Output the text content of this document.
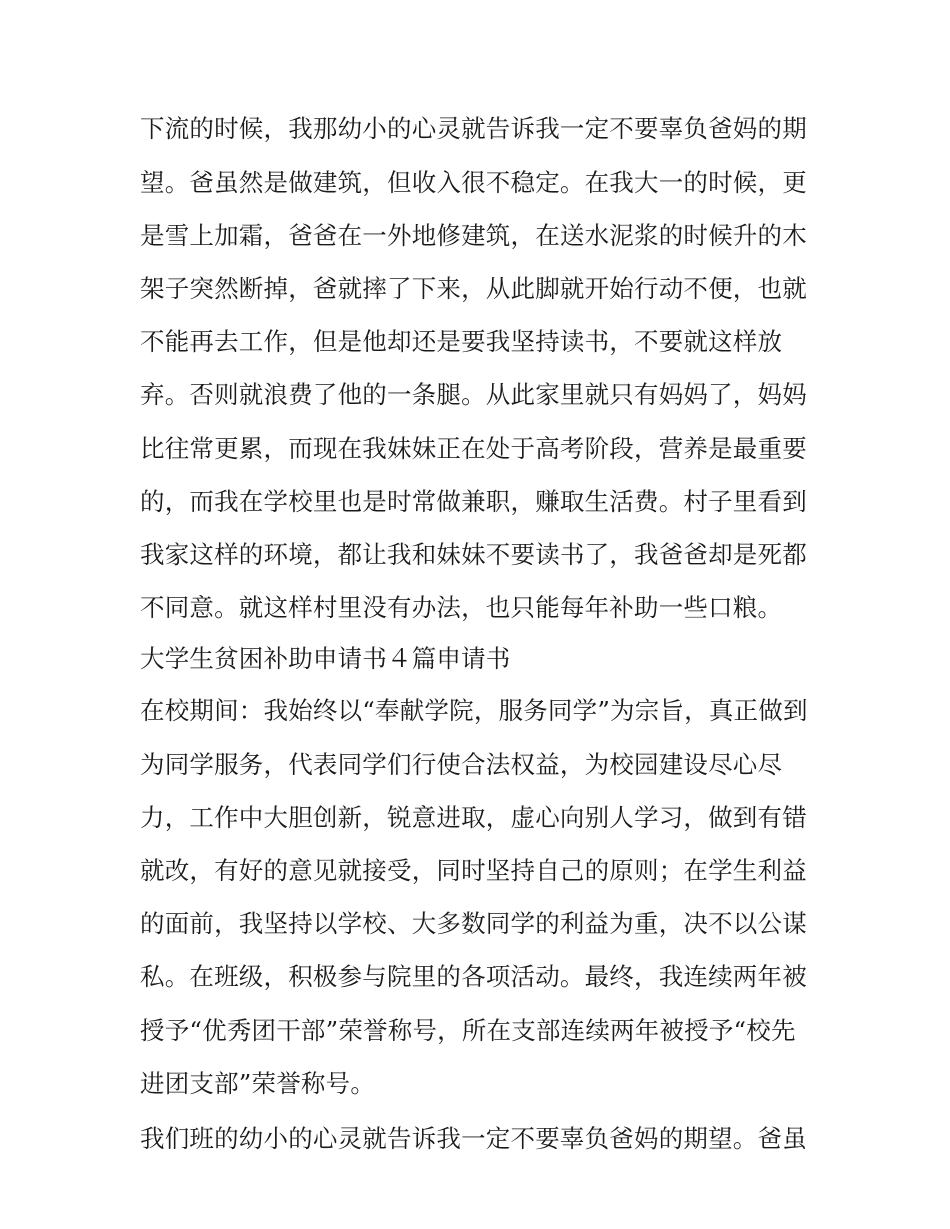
下流的时候，我那幼小的心灵就告诉我一定不要辜负爸妈的期
望。爸虽然是做建筑，但收入很不稳定。在我大一的时候，更
是雪上加霜，爸爸在一外地修建筑，在送水泥浆的时候升的木
架子突然断掉，爸就摔了下来，从此脚就开始行动不便，也就
不能再去工作，但是他却还是要我坚持读书，不要就这样放
弃。否则就浪费了他的一条腿。从此家里就只有妈妈了，妈妈
比往常更累，而现在我妹妹正在处于高考阶段，营养是最重要
的，而我在学校里也是时常做兼职，赚取生活费。村子里看到
我家这样的环境，都让我和妹妹不要读书了，我爸爸却是死都
不同意。就这样村里没有办法，也只能每年补助一些口粮。
大学生贫困补助申请书４篇申请书
在校期间：我始终以“奉献学院，服务同学”为宗旨，真正做到
为同学服务，代表同学们行使合法权益，为校园建设尽心尽
力，工作中大胆创新，锐意进取，虚心向别人学习，做到有错
就改，有好的意见就接受，同时坚持自己的原则；在学生利益
的面前，我坚持以学校、大多数同学的利益为重，决不以公谋
私。在班级，积极参与院里的各项活动。最终，我连续两年被
授予“优秀团干部”荣誉称号，所在支部连续两年被授予“校先
进团支部”荣誉称号。
我们班的幼小的心灵就告诉我一定不要辜负爸妈的期望。爸虽
